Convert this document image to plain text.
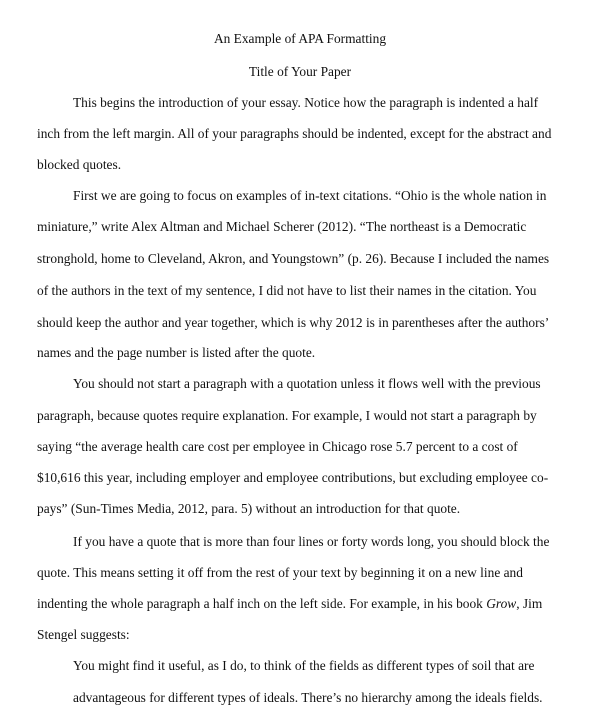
An Example of APA Formatting
Title of Your Paper
This begins the introduction of your essay. Notice how the paragraph is indented a half
inch from the left margin. All of your paragraphs should be indented, except for the abstract and
blocked quotes.
First we are going to focus on examples of in-text citations. “Ohio is the whole nation in
miniature,” write Alex Altman and Michael Scherer (2012). “The northeast is a Democratic
stronghold, home to Cleveland, Akron, and Youngstown” (p. 26). Because I included the names
of the authors in the text of my sentence, I did not have to list their names in the citation. You
should keep the author and year together, which is why 2012 is in parentheses after the authors’
names and the page number is listed after the quote.
You should not start a paragraph with a quotation unless it flows well with the previous
paragraph, because quotes require explanation. For example, I would not start a paragraph by
saying “the average health care cost per employee in Chicago rose 5.7 percent to a cost of
$10,616 this year, including employer and employee contributions, but excluding employee co-
pays” (Sun-Times Media, 2012, para. 5) without an introduction for that quote.
If you have a quote that is more than four lines or forty words long, you should block the
quote. This means setting it off from the rest of your text by beginning it on a new line and
indenting the whole paragraph a half inch on the left side. For example, in his book Grow, Jim
Stengel suggests:
You might find it useful, as I do, to think of the fields as different types of soil that are
advantageous for different types of ideals. There’s no hierarchy among the ideals fields.
